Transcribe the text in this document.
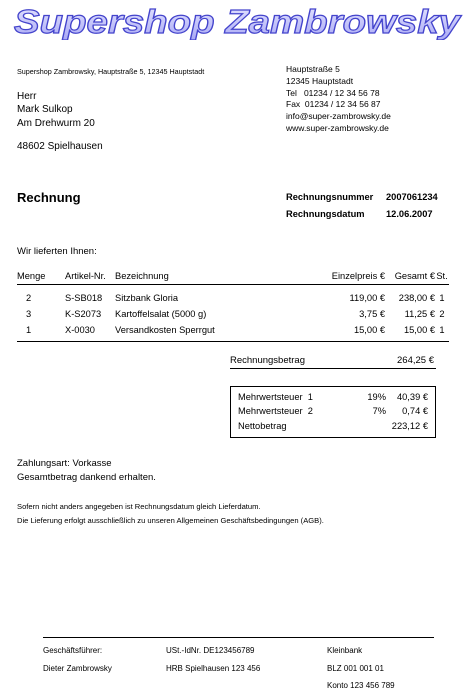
Supershop Zambrowsky
Supershop Zambrowsky, Hauptstraße 5, 12345 Hauptstadt
Herr
Mark Sulkop
Am Drehwurm 20
48602 Spielhausen
Hauptstraße 5
12345 Hauptstadt
Tel   01234 / 12 34 56 78
Fax  01234 / 12 34 56 87
info@super-zambrowsky.de
www.super-zambrowsky.de
Rechnung	Rechnungsnummer 2007061234
Rechnungsdatum 12.06.2007
Wir lieferten Ihnen:
Menge	Artikel-Nr.	Bezeichnung	Einzelpreis €	Gesamt €	St.
2	S-SB018	Sitzbank Gloria	119,00 €	238,00 €	1
3	K-S2073	Kartoffelsalat (5000 g)	3,75 €	11,25 €	2
1	X-0030	Versandkosten Sperrgut	15,00 €	15,00 €	1
Rechnungsbetrag	264,25 €
Mehrwertsteuer  1	19% 40,39 €
Mehrwertsteuer  2	7% 0,74 €
Nettobetrag	223,12 €
Zahlungsart: Vorkasse
Gesamtbetrag dankend erhalten.
Sofern nicht anders angegeben ist Rechnungsdatum gleich Lieferdatum.
Die Lieferung erfolgt ausschließlich zu unseren Allgemeinen Geschäftsbedingungen (AGB).
Geschäftsführer:
Dieter Zambrowsky
USt.-IdNr. DE123456789
HRB Spielhausen 123 456
Kleinbank
BLZ 001 001 01
Konto 123 456 789
